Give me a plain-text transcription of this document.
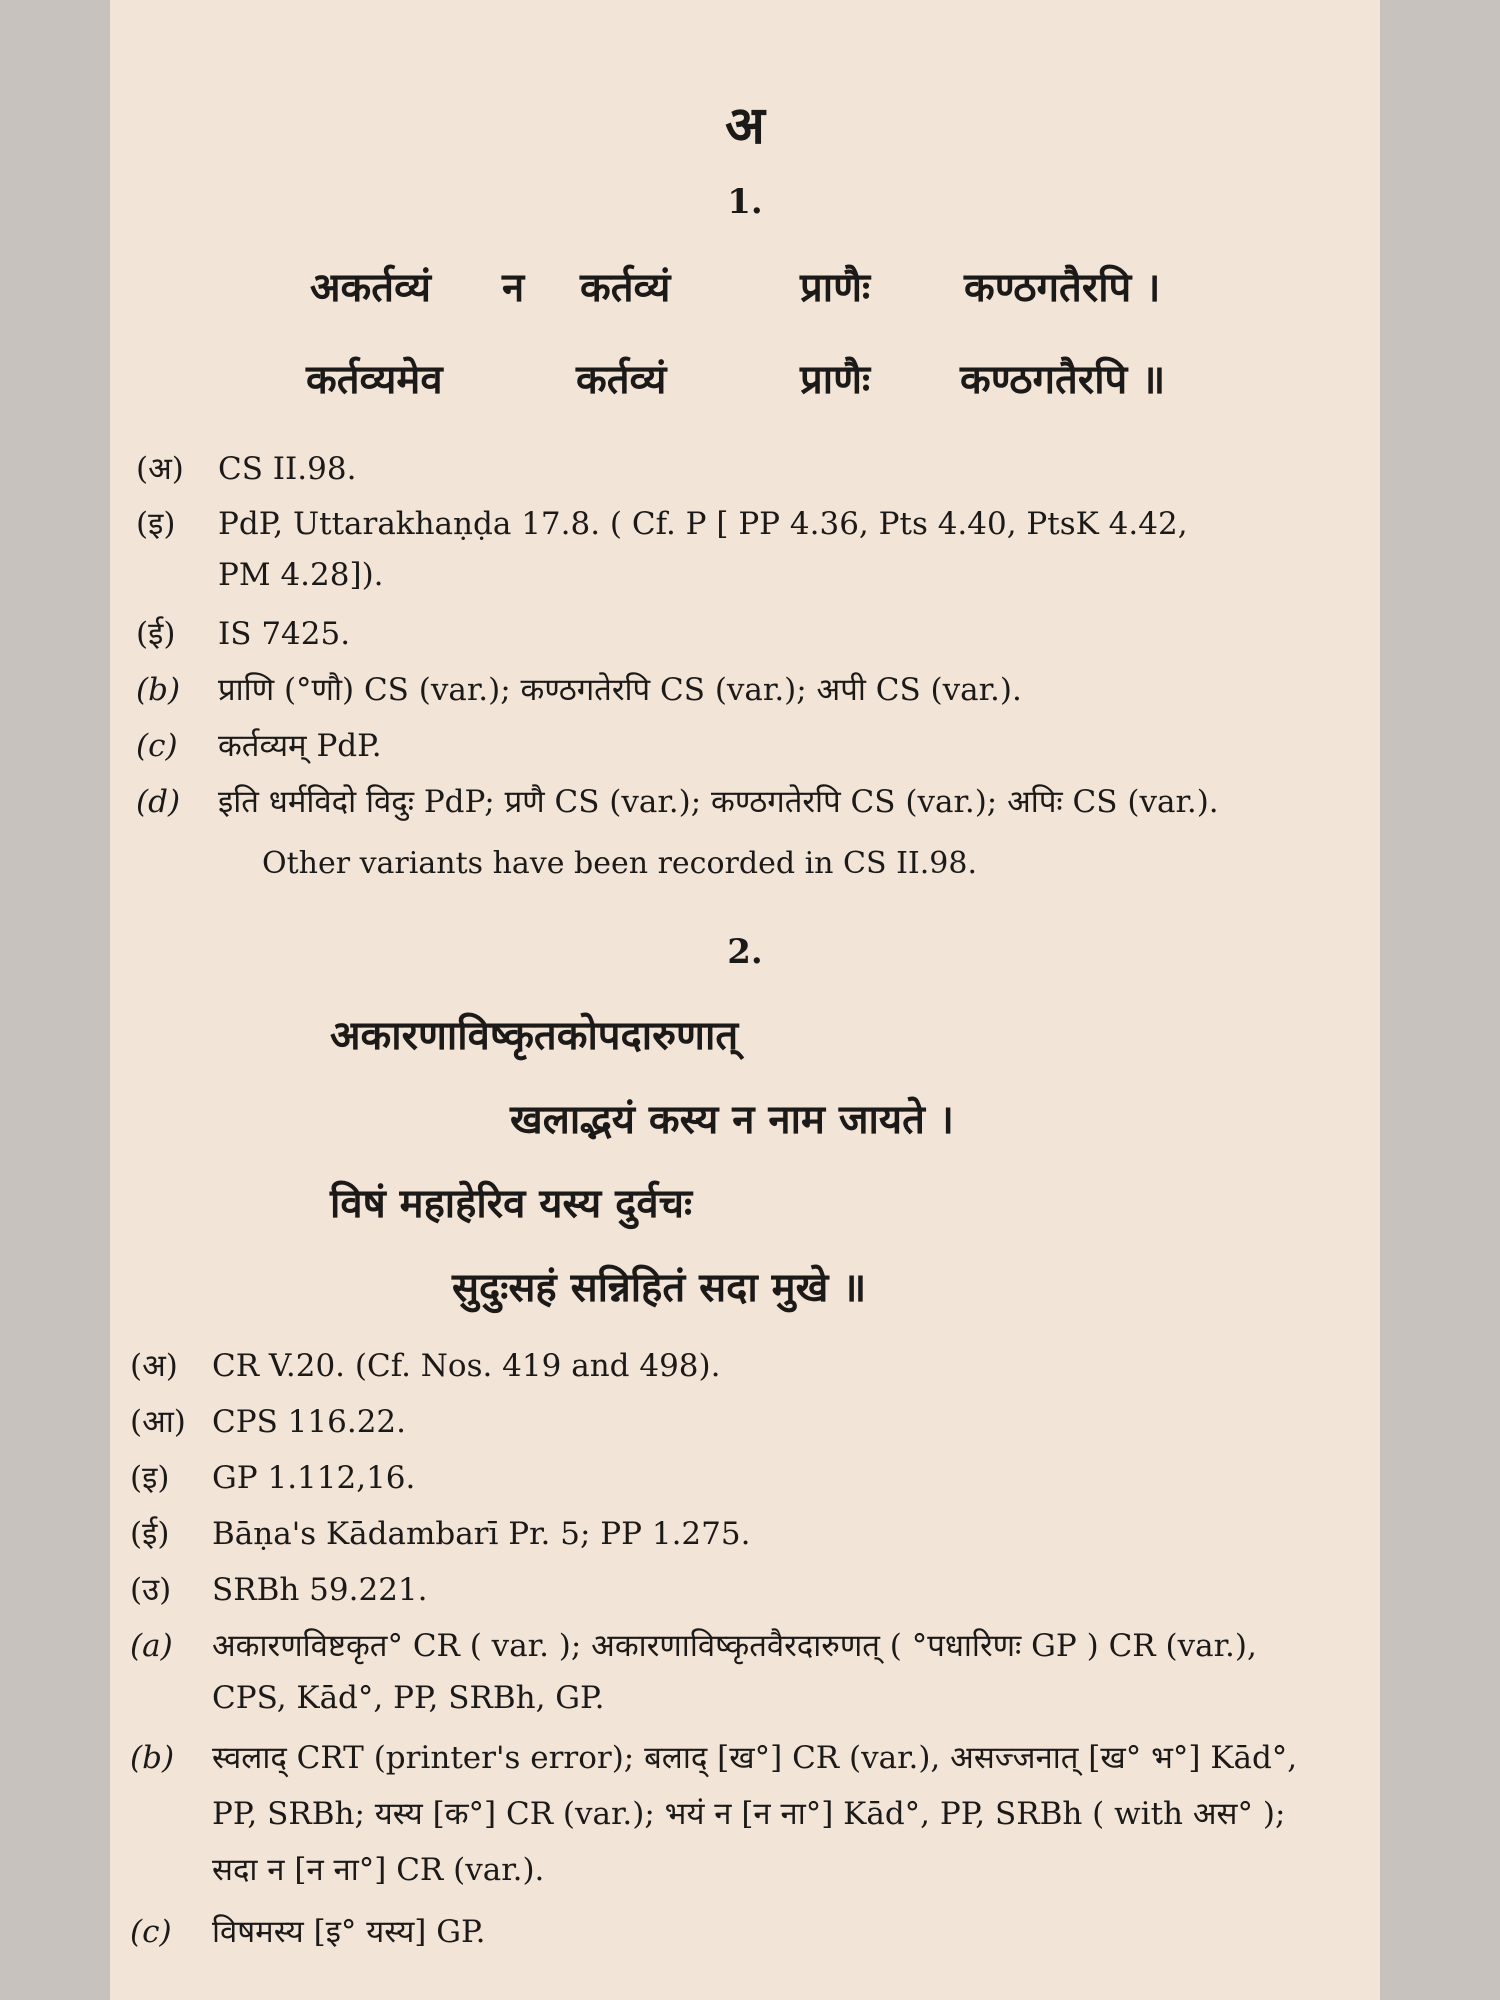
अ
1.
अकर्तव्यं न कर्तव्यं	प्राणैः कण्ठगतैरपि ।
कर्तव्यमेव	कर्तव्यं	प्राणैः कण्ठगतैरपि ॥
(अ) CS II.98.
(इ) PdP, Uttarakhaṇḍa 17.8. ( Cf. P [ PP 4.36, Pts 4.40, PtsK 4.42,
PM 4.28]).
(ई) IS 7425.
(b) प्राणि (°णौ) CS (var.); कण्ठगतेरपि CS (var.); अपी CS (var.).
(c) कर्तव्यम् PdP.
(d) इति धर्मविदो विदुः PdP; प्रणै CS (var.); कण्ठगतेरपि CS (var.); अपिः CS (var.).
Other variants have been recorded in CS II.98.
2.
अकारणाविष्कृतकोपदारुणात्
खलाद्भयं कस्य न नाम जायते ।
विषं महाहेरिव यस्य दुर्वचः
सुदुःसहं सन्निहितं सदा मुखे ॥
(अ) CR V.20. (Cf. Nos. 419 and 498).
(आ) CPS 116.22.
(इ) GP 1.112,16.
(ई) Bāṇa's Kādambarī Pr. 5; PP 1.275.
(उ) SRBh 59.221.
(a) अकारणविष्टकृत° CR ( var. ); अकारणाविष्कृतवैरदारुणत् ( °पधारिणः GP ) CR (var.),
CPS, Kād°, PP, SRBh, GP.
(b) स्वलाद् CRT (printer's error); बलाद् [ख°] CR (var.), असज्जनात् [ख° भ°] Kād°,
PP, SRBh; यस्य [क°] CR (var.); भयं न [न ना°] Kād°, PP, SRBh ( with अस° );
सदा न [न ना°] CR (var.).
(c) विषमस्य [इ° यस्य] GP.
